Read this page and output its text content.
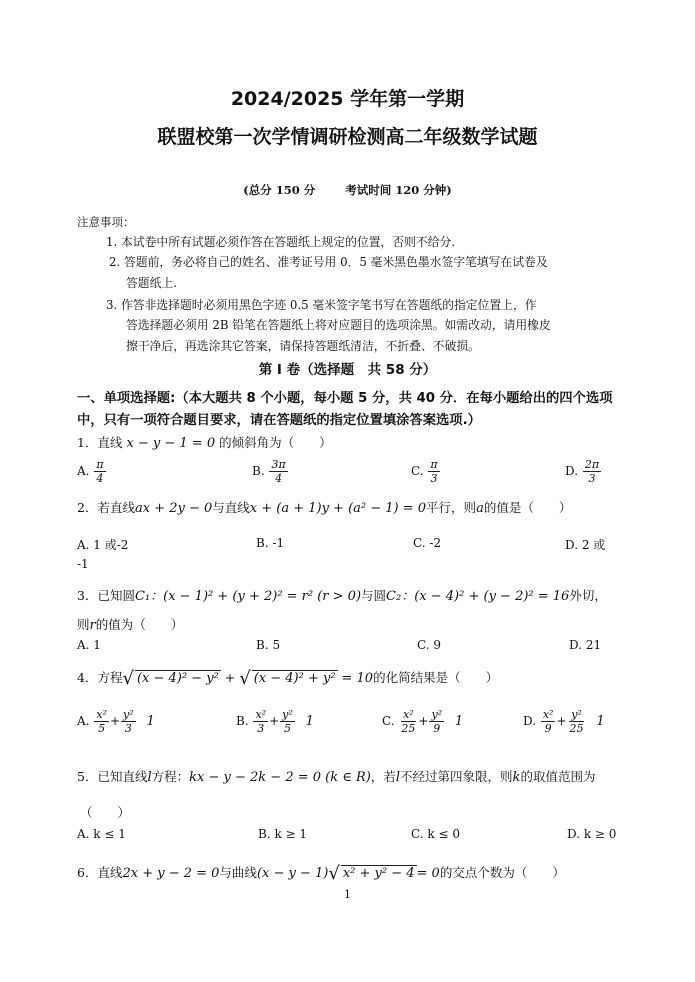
2024/2025 学年第一学期
联盟校第一次学情调研检测高二年级数学试题
(总分 150 分	考试时间 120 分钟)
注意事项：
1. 本试卷中所有试题必须作答在答题纸上规定的位置，否则不给分.
2. 答题前，务必将自己的姓名、准考证号用 0．5 毫米黑色墨水签字笔填写在试卷及
答题纸上.
3. 作答非选择题时必须用黑色字迹 0.5 毫米签字笔书写在答题纸的指定位置上，作
答选择题必须用 2B 铅笔在答题纸上将对应题目的选项涂黑。如需改动，请用橡皮
擦干净后，再选涂其它答案，请保持答题纸清洁，不折叠、不破损。
第 I 卷（选择题　共 58 分）
一、单项选择题:（本大题共 8 个小题，每小题 5 分，共 40 分．在每小题给出的四个选项
中，只有一项符合题目要求，请在答题纸的指定位置填涂答案选项.）
1．直线 x − y − 1 = 0 的倾斜角为（　　）
A. $\frac{\pi}{4}$	B. $\frac{3\pi}{4}$	C. $\frac{\pi}{3}$	D. $\frac{2\pi}{3}$
2．若直线ax + 2y − 0与直线x + (a + 1)y + (a² − 1) = 0平行，则a的值是（　　）
A. 1 或-2	B. -1	C. -2	D. 2 或
-1
3．已知圆C₁：(x − 1)² + (y + 2)² = r² (r > 0)与圆C₂：(x − 4)² + (y − 2)² = 16外切，
则r的值为（　　）
A. 1	B. 5	C. 9	D. 21
4．方程√ (x − 4)² − y² + √ (x − 4)² + y² = 10的化简结果是（　　）
A. $\frac{\text{x²}}{5} + \frac{\text{y²}}{3} 1$	B. $\frac{\text{x²}}{3} + \frac{\text{y²}}{5} 1$	C. $\frac{\text{x²}}{25} + \frac{\text{y²}}{9} 1$	D. $\frac{\text{x²}}{9} + \frac{\text{y²}}{25} 1$
5．已知直线l方程：kx − y − 2k − 2 = 0 (k ∈ R)，若l不经过第四象限，则k的取值范围为
（　　）
A. k ≤ 1	B. k ≥ 1	C. k ≤ 0	D. k ≥ 0
6．直线2x + y − 2 = 0与曲线(x − y − 1)√ x² + y² − 4 = 0的交点个数为（　　）
1
